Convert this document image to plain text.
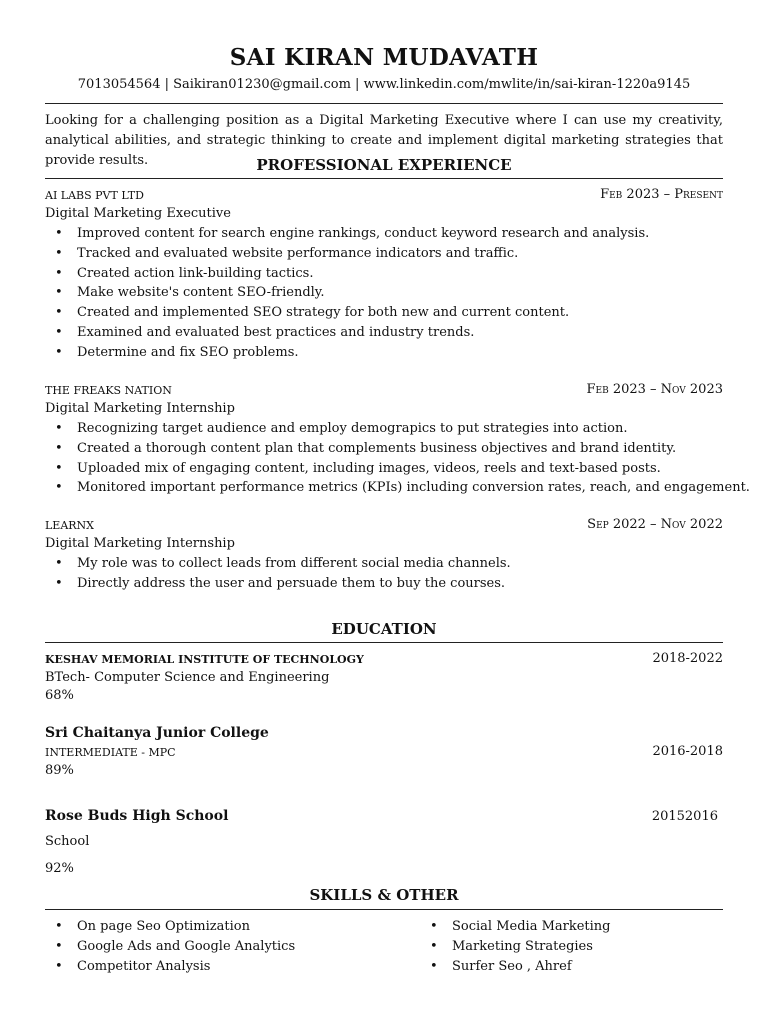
SAI KIRAN MUDAVATH
7013054564 | Saikiran01230@gmail.com | www.linkedin.com/mwlite/in/sai-kiran-1220a9145
Looking for a challenging position as a Digital Marketing Executive where I can use my creativity, analytical abilities, and strategic thinking to create and implement digital marketing strategies that provide results.	PROFESSIONAL EXPERIENCE
AI LABS PVT LTD	Feb 2023 – Present
Digital Marketing Executive
• Improved content for search engine rankings, conduct keyword research and analysis.
• Tracked and evaluated website performance indicators and traffic.
• Created action link-building tactics.
• Make website's content SEO-friendly.
• Created and implemented SEO strategy for both new and current content.
• Examined and evaluated best practices and industry trends.
• Determine and fix SEO problems.
THE FREAKS NATION	Feb 2023 – Nov 2023
Digital Marketing Internship
• Recognizing target audience and employ demograpics to put strategies into action.
• Created a thorough content plan that complements business objectives and brand identity.
• Uploaded mix of engaging content, including images, videos, reels and text-based posts.
• Monitored important performance metrics (KPIs) including conversion rates, reach, and engagement.
LEARNX	Sep 2022 – Nov 2022
Digital Marketing Internship
• My role was to collect leads from different social media channels.
• Directly address the user and persuade them to buy the courses.
EDUCATION
KESHAV MEMORIAL INSTITUTE OF TECHNOLOGY	2018-2022
BTech- Computer Science and Engineering
68%
Sri Chaitanya Junior College
INTERMEDIATE - MPC	2016-2018
89%
Rose Buds High School	20152016
School
92%
SKILLS & OTHER
• On page Seo Optimization
• Google Ads and Google Analytics
• Competitor Analysis
• Social Media Marketing
• Marketing Strategies
• Surfer Seo , Ahref
